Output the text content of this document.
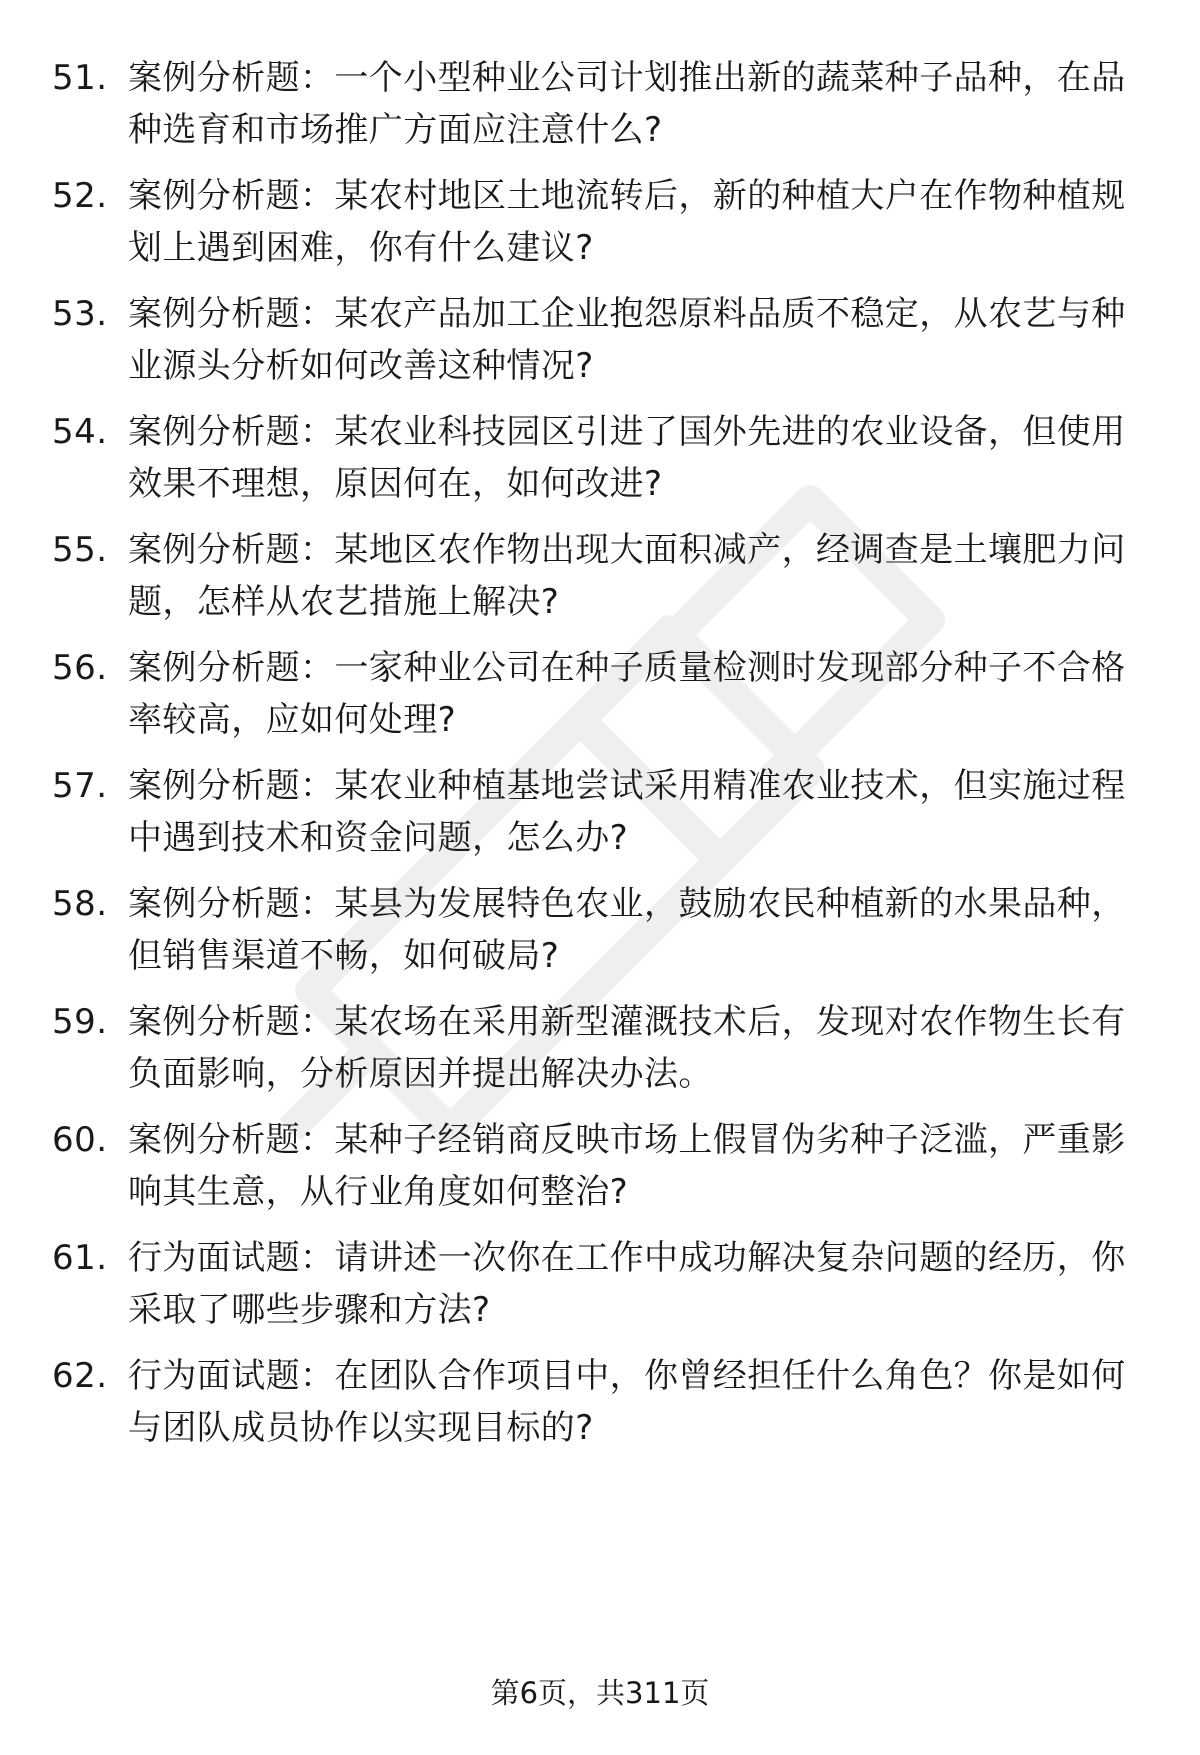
51. 案例分析题：一个小型种业公司计划推出新的蔬菜种子品种，在品种选育和市场推广方面应注意什么?
52. 案例分析题：某农村地区土地流转后，新的种植大户在作物种植规划上遇到困难，你有什么建议?
53. 案例分析题：某农产品加工企业抱怨原料品质不稳定，从农艺与种业源头分析如何改善这种情况?
54. 案例分析题：某农业科技园区引进了国外先进的农业设备，但使用效果不理想，原因何在，如何改进?
55. 案例分析题：某地区农作物出现大面积减产，经调查是土壤肥力问题，怎样从农艺措施上解决?
56. 案例分析题：一家种业公司在种子质量检测时发现部分种子不合格率较高，应如何处理?
57. 案例分析题：某农业种植基地尝试采用精准农业技术，但实施过程中遇到技术和资金问题，怎么办?
58. 案例分析题：某县为发展特色农业，鼓励农民种植新的水果品种，但销售渠道不畅，如何破局?
59. 案例分析题：某农场在采用新型灌溉技术后，发现对农作物生长有负面影响，分析原因并提出解决办法。
60. 案例分析题：某种子经销商反映市场上假冒伪劣种子泛滥，严重影响其生意，从行业角度如何整治?
61. 行为面试题：请讲述一次你在工作中成功解决复杂问题的经历，你采取了哪些步骤和方法?
62. 行为面试题：在团队合作项目中，你曾经担任什么角色？你是如何与团队成员协作以实现目标的?
第6页，共311页
